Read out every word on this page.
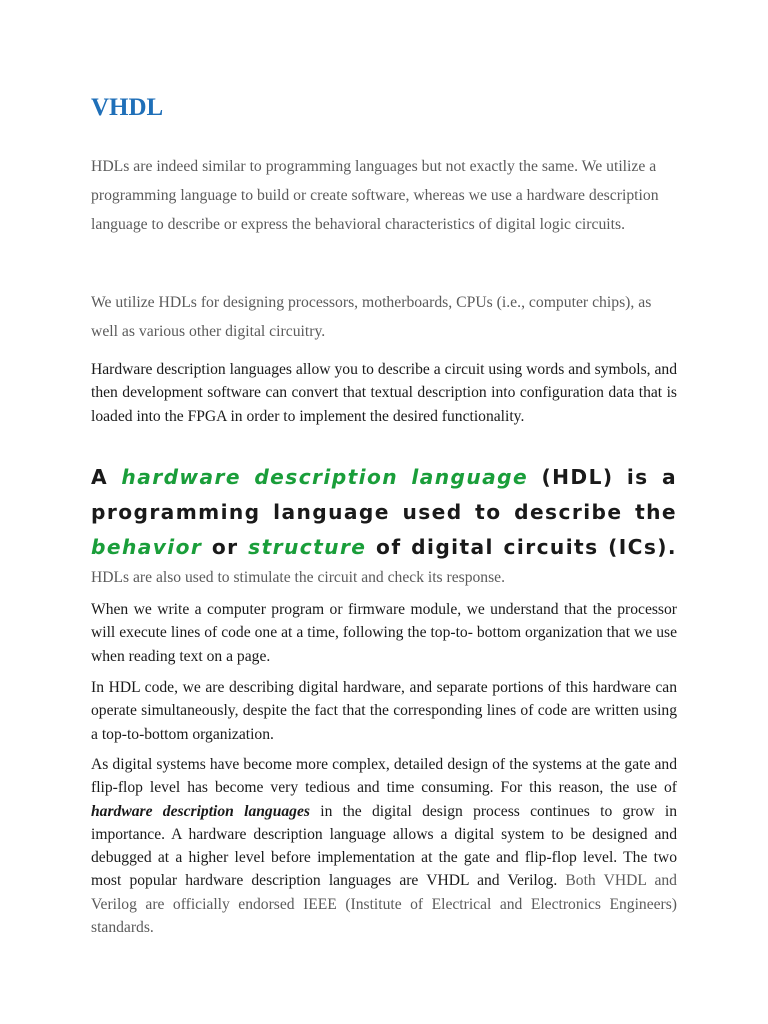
VHDL

HDLs are indeed similar to programming languages but not exactly the same. We utilize a programming language to build or create software, whereas we use a hardware description language to describe or express the behavioral characteristics of digital logic circuits.

We utilize HDLs for designing processors, motherboards, CPUs (i.e., computer chips), as well as various other digital circuitry.

Hardware description languages allow you to describe a circuit using words and symbols, and then development software can convert that textual description into configuration data that is loaded into the FPGA in order to implement the desired functionality.

A hardware description language (HDL) is a programming language used to describe the behavior or structure of digital circuits (ICs).

HDLs are also used to stimulate the circuit and check its response.

When we write a computer program or firmware module, we understand that the processor will execute lines of code one at a time, following the top-to- bottom organization that we use when reading text on a page.

In HDL code, we are describing digital hardware, and separate portions of this hardware can operate simultaneously, despite the fact that the corresponding lines of code are written using a top-to-bottom organization.

As digital systems have become more complex, detailed design of the systems at the gate and flip-flop level has become very tedious and time consuming. For this reason, the use of hardware description languages in the digital design process continues to grow in importance. A hardware description language allows a digital system to be designed and debugged at a higher level before implementation at the gate and flip-flop level. The two most popular hardware description languages are VHDL and Verilog. Both VHDL and Verilog are officially endorsed IEEE (Institute of Electrical and Electronics Engineers) standards.
